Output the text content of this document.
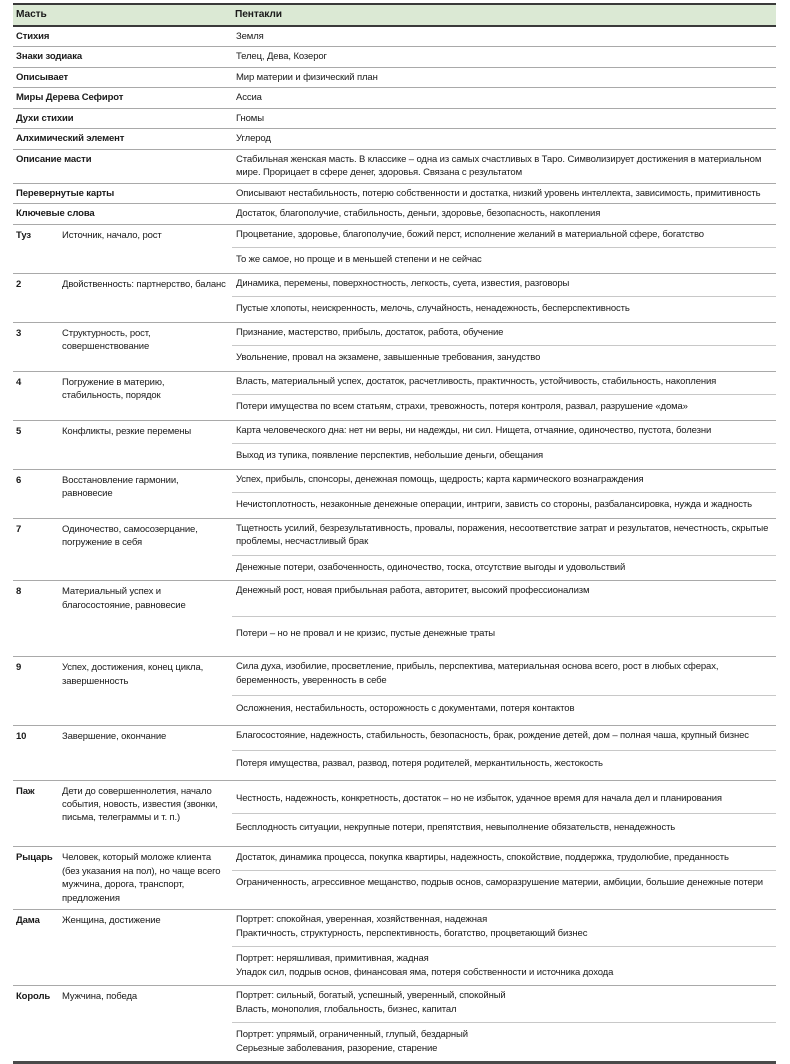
Масть		Пентакли
Стихия		Земля
Знаки зодиака		Телец, Дева, Козерог
Описывает		Мир материи и физический план
Миры Дерева Сефирот		Ассиа
Духи стихии		Гномы
Алхимический элемент		Углерод
Описание масти		Стабильная женская масть. В классике – одна из самых счастливых в Таро. Символизирует достижения в материальном мире. Прорицает в сфере денег, здоровья. Связана с результатом
Перевернутые карты		Описывают нестабильность, потерю собственности и достатка, низкий уровень интеллекта, зависимость, примитивность
Ключевые слова		Достаток, благополучие, стабильность, деньги, здоровье, безопасность, накопления
Туз	Источник, начало, рост	Процветание, здоровье, благополучие, божий перст, исполнение желаний в материальной сфере, богатство
То же самое, но проще и в меньшей степени и не сейчас

2	Двойственность: партнерство, баланс	Динамика, перемены, поверхностность, легкость, суета, известия, разговоры
Пустые хлопоты, неискренность, мелочь, случайность, ненадежность, бесперспективность

3	Структурность, рост, совершенствование	Признание, мастерство, прибыль, достаток, работа, обучение
Увольнение, провал на экзамене, завышенные требования, занудство

4	Погружение в материю, стабильность, порядок	Власть, материальный успех, достаток, расчетливость, практичность, устойчивость, стабильность, накопления
Потери имущества по всем статьям, страхи, тревожность, потеря контроля, развал, разрушение «дома»

5	Конфликты, резкие перемены	Карта человеческого дна: нет ни веры, ни надежды, ни сил. Нищета, отчаяние, одиночество, пустота, болезни
Выход из тупика, появление перспектив, небольшие деньги, обещания

6	Восстановление гармонии, равновесие	Успех, прибыль, спонсоры, денежная помощь, щедрость; карта кармического вознаграждения
Нечистоплотность, незаконные денежные операции, интриги, зависть со стороны, разбалансировка, нужда и жадность

7	Одиночество, самосозерцание, погружение в себя	Тщетность усилий, безрезультативность, провалы, поражения, несоответствие затрат и результатов, нечестность, скрытые проблемы, несчастливый брак
Денежные потери, озабоченность, одиночество, тоска, отсутствие выгоды и удовольствий

8	Материальный успех и благосостояние, равновесие	Денежный рост, новая прибыльная работа, авторитет, высокий профессионализм
Потери – но не провал и не кризис, пустые денежные траты

9	Успех, достижения, конец цикла, завершенность	Сила духа, изобилие, просветление, прибыль, перспектива, материальная основа всего, рост в любых сферах, беременность, уверенность в себе
Осложнения, нестабильность, осторожность с документами, потеря контактов

10	Завершение, окончание	Благосостояние, надежность, стабильность, безопасность, брак, рождение детей, дом – полная чаша, крупный бизнес
Потеря имущества, развал, развод, потеря родителей, меркантильность, жестокость

Паж	Дети до совершеннолетия, начало события, новость, известия (звонки, письма, телеграммы и т. п.)	Честность, надежность, конкретность, достаток – но не избыток, удачное время для начала дел и планирования
Бесплодность ситуации, некрупные потери, препятствия, невыполнение обязательств, ненадежность

Рыцарь	Человек, который моложе клиента (без указания на пол), но чаще всего мужчина, дорога, транспорт, предложения	Достаток, динамика процесса, покупка квартиры, надежность, спокойствие, поддержка, трудолюбие, преданность
Ограниченность, агрессивное мещанство, подрыв основ, саморазрушение материи, амбиции, большие денежные потери

Дама	Женщина, достижение	Портрет: спокойная, уверенная, хозяйственная, надежная
Практичность, структурность, перспективность, богатство, процветающий бизнес
Портрет: неряшливая, примитивная, жадная
Упадок сил, подрыв основ, финансовая яма, потеря собственности и источника дохода

Король	Мужчина, победа	Портрет: сильный, богатый, успешный, уверенный, спокойный
Власть, монополия, глобальность, бизнес, капитал
Портрет: упрямый, ограниченный, глупый, бездарный
Серьезные заболевания, разорение, старение
